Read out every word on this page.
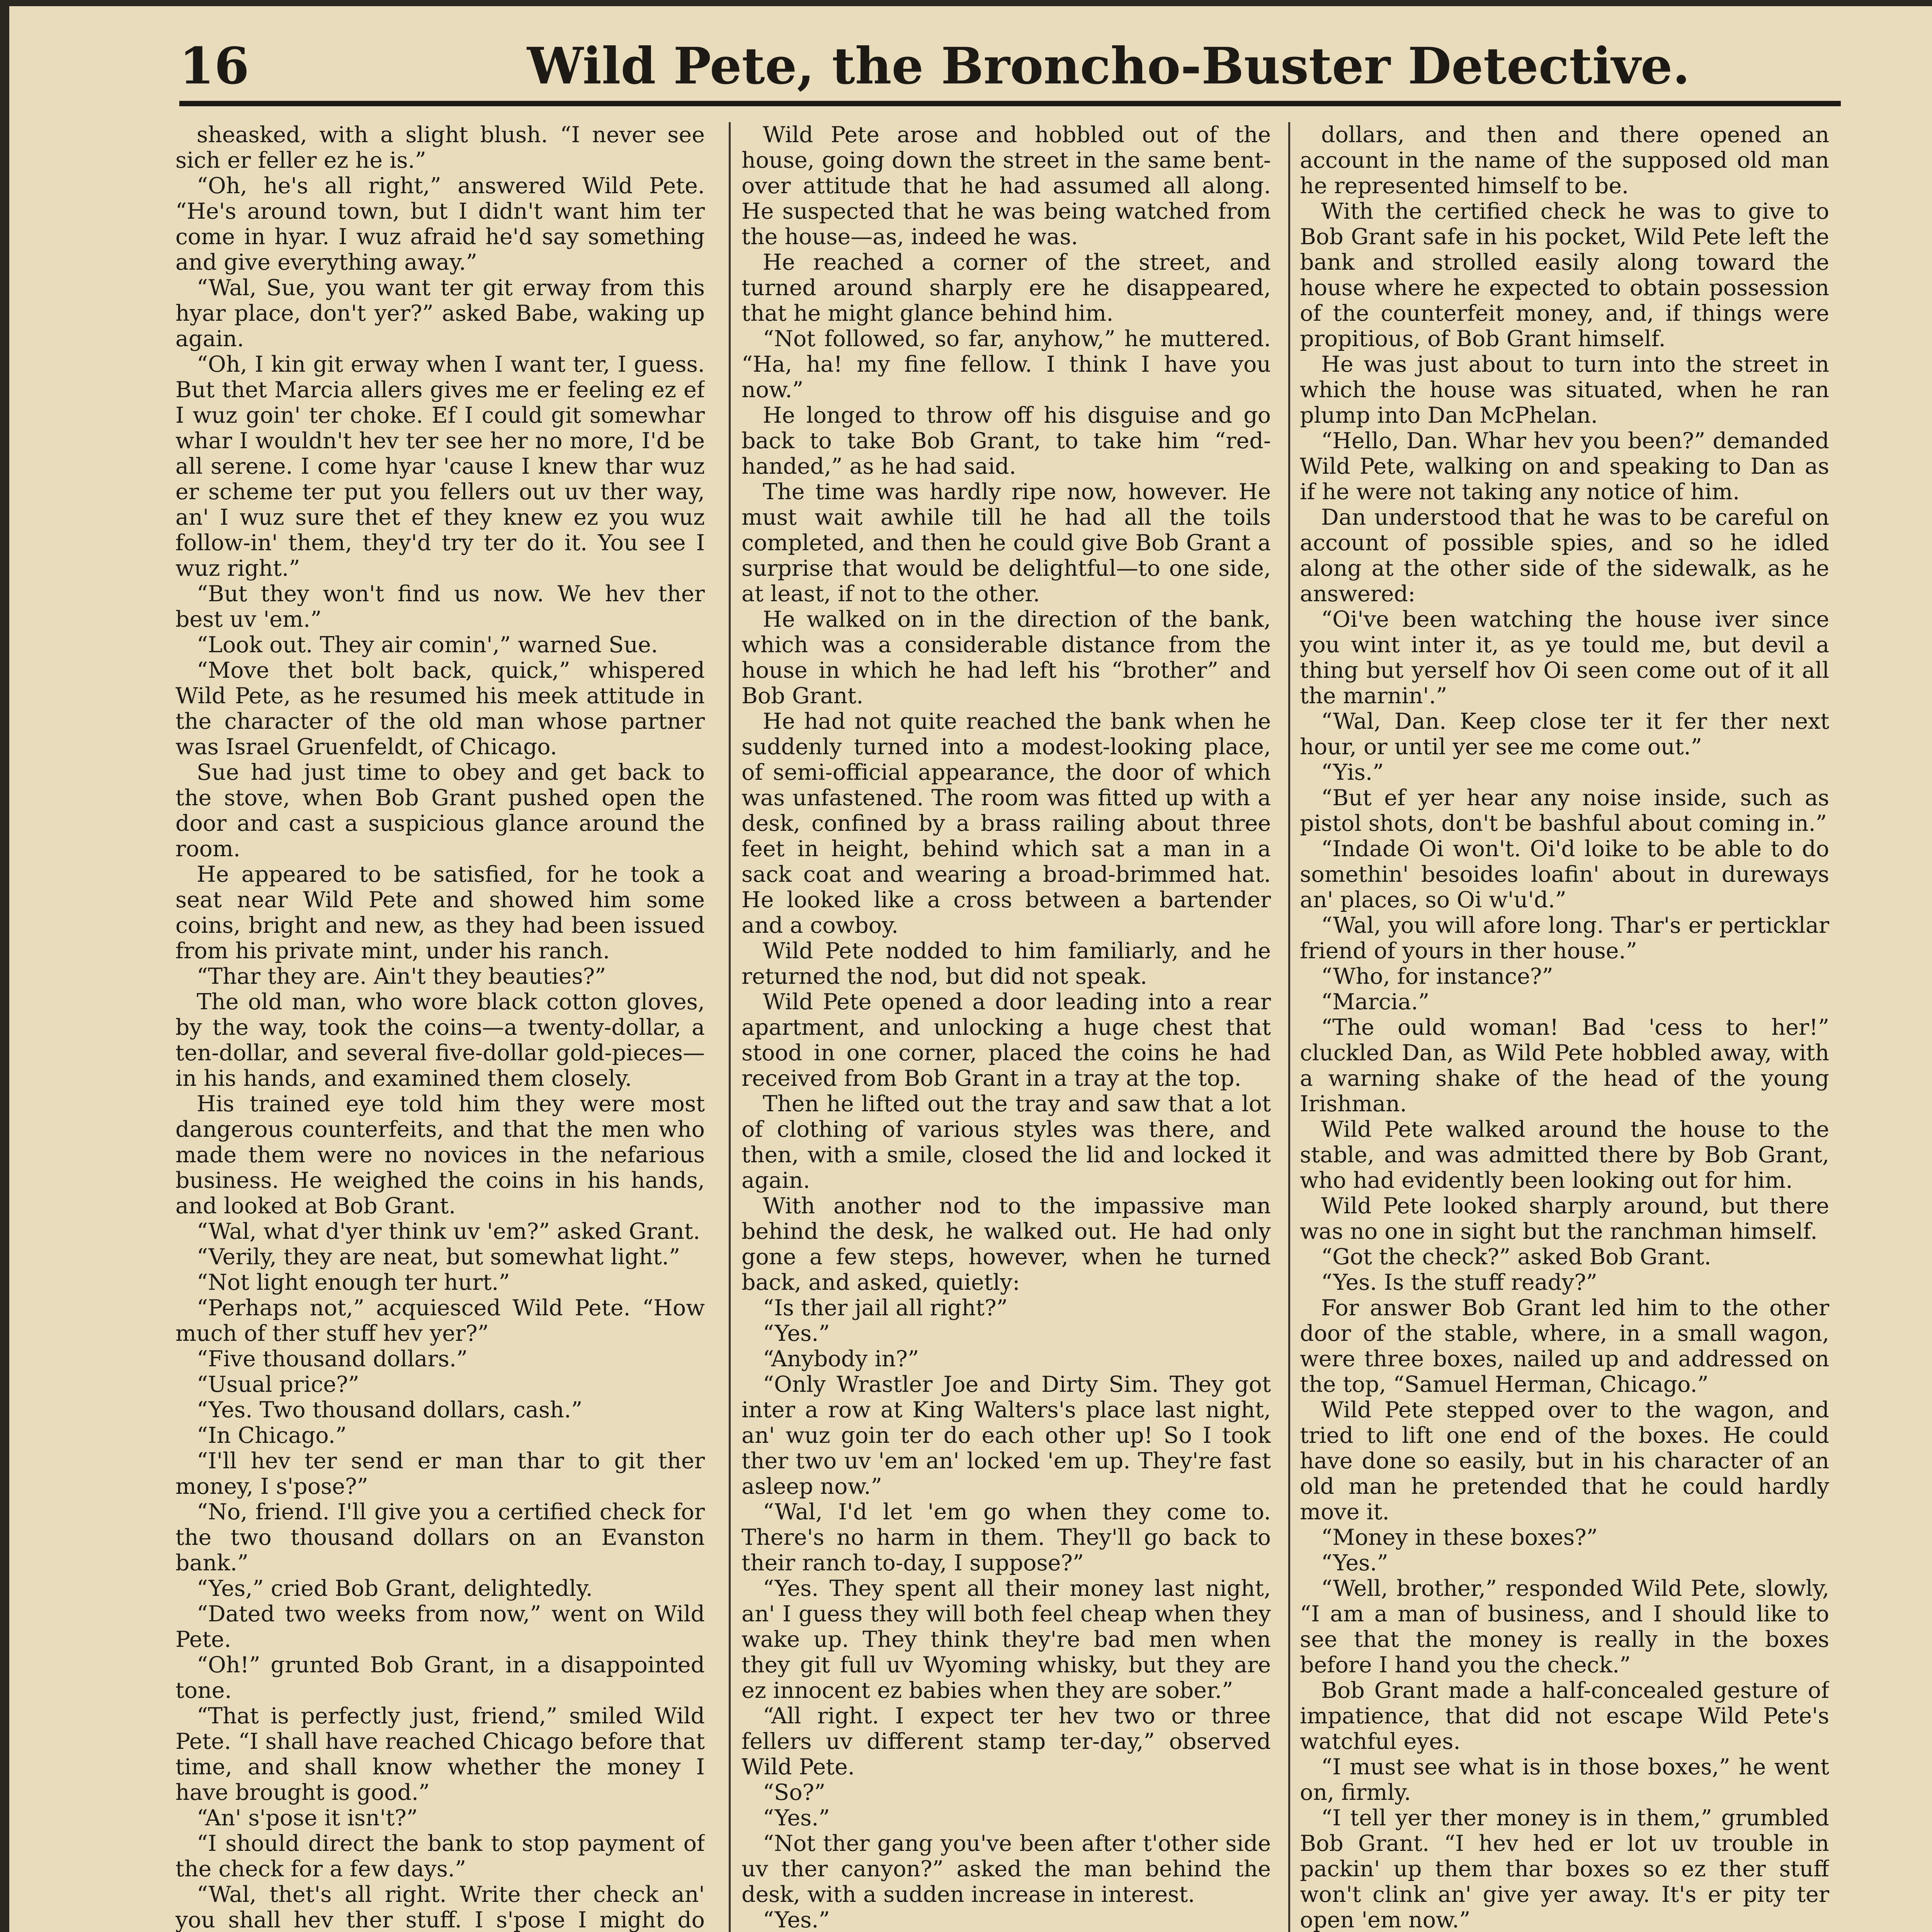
16	Wild Pete, the Broncho-Buster Detective.

sheasked, with a slight blush. “I never see sich er feller ez he is.”

“Oh, he's all right,” answered Wild Pete. “He's around town, but I didn't want him ter come in hyar. I wuz afraid he'd say something and give everything away.”

“Wal, Sue, you want ter git erway from this hyar place, don't yer?” asked Babe, waking up again.

“Oh, I kin git erway when I want ter, I guess. But thet Marcia allers gives me er feeling ez ef I wuz goin' ter choke. Ef I could git somewhar whar I wouldn't hev ter see her no more, I'd be all serene. I come hyar 'cause I knew thar wuz er scheme ter put you fellers out uv ther way, an' I wuz sure thet ef they knew ez you wuz follow-in' them, they'd try ter do it. You see I wuz right.”

“But they won't find us now. We hev ther best uv 'em.”

“Look out. They air comin',” warned Sue.

“Move thet bolt back, quick,” whispered Wild Pete, as he resumed his meek attitude in the character of the old man whose partner was Israel Gruenfeldt, of Chicago.

Sue had just time to obey and get back to the stove, when Bob Grant pushed open the door and cast a suspicious glance around the room.

He appeared to be satisfied, for he took a seat near Wild Pete and showed him some coins, bright and new, as they had been issued from his private mint, under his ranch.

“Thar they are. Ain't they beauties?”

The old man, who wore black cotton gloves, by the way, took the coins—a twenty-dollar, a ten-dollar, and several five-dollar gold-pieces—in his hands, and examined them closely.

His trained eye told him they were most dangerous counterfeits, and that the men who made them were no novices in the nefarious business. He weighed the coins in his hands, and looked at Bob Grant.

“Wal, what d'yer think uv 'em?” asked Grant.

“Verily, they are neat, but somewhat light.”

“Not light enough ter hurt.”

“Perhaps not,” acquiesced Wild Pete. “How much of ther stuff hev yer?”

“Five thousand dollars.”

“Usual price?”

“Yes. Two thousand dollars, cash.”

“In Chicago.”

“I'll hev ter send er man thar to git ther money, I s'pose?”

“No, friend. I'll give you a certified check for the two thousand dollars on an Evanston bank.”

“Yes,” cried Bob Grant, delightedly.

“Dated two weeks from now,” went on Wild Pete.

“Oh!” grunted Bob Grant, in a disappointed tone.

“That is perfectly just, friend,” smiled Wild Pete. “I shall have reached Chicago before that time, and shall know whether the money I have brought is good.”

“An' s'pose it isn't?”

“I should direct the bank to stop payment of the check for a few days.”

“Wal, thet's all right. Write ther check an' you shall hev ther stuff. I s'pose I might do

Wild Pete arose and hobbled out of the house, going down the street in the same bent-over attitude that he had assumed all along. He suspected that he was being watched from the house—as, indeed he was.

He reached a corner of the street, and turned around sharply ere he disappeared, that he might glance behind him.

“Not followed, so far, anyhow,” he muttered. “Ha, ha! my fine fellow. I think I have you now.”

He longed to throw off his disguise and go back to take Bob Grant, to take him “red-handed,” as he had said.

The time was hardly ripe now, however. He must wait awhile till he had all the toils completed, and then he could give Bob Grant a surprise that would be delightful—to one side, at least, if not to the other.

He walked on in the direction of the bank, which was a considerable distance from the house in which he had left his “brother” and Bob Grant.

He had not quite reached the bank when he suddenly turned into a modest-looking place, of semi-official appearance, the door of which was unfastened. The room was fitted up with a desk, confined by a brass railing about three feet in height, behind which sat a man in a sack coat and wearing a broad-brimmed hat. He looked like a cross between a bartender and a cowboy.

Wild Pete nodded to him familiarly, and he returned the nod, but did not speak.

Wild Pete opened a door leading into a rear apartment, and unlocking a huge chest that stood in one corner, placed the coins he had received from Bob Grant in a tray at the top.

Then he lifted out the tray and saw that a lot of clothing of various styles was there, and then, with a smile, closed the lid and locked it again.

With another nod to the impassive man behind the desk, he walked out. He had only gone a few steps, however, when he turned back, and asked, quietly:

“Is ther jail all right?”

“Yes.”

“Anybody in?”

“Only Wrastler Joe and Dirty Sim. They got inter a row at King Walters's place last night, an' wuz goin ter do each other up! So I took ther two uv 'em an' locked 'em up. They're fast asleep now.”

“Wal, I'd let 'em go when they come to. There's no harm in them. They'll go back to their ranch to-day, I suppose?”

“Yes. They spent all their money last night, an' I guess they will both feel cheap when they wake up. They think they're bad men when they git full uv Wyoming whisky, but they are ez innocent ez babies when they are sober.”

“All right. I expect ter hev two or three fellers uv different stamp ter-day,” observed Wild Pete.

“So?”

“Yes.”

“Not ther gang you've been after t'other side uv ther canyon?” asked the man behind the desk, with a sudden increase in interest.

“Yes.”

dollars, and then and there opened an account in the name of the supposed old man he represented himself to be.

With the certified check he was to give to Bob Grant safe in his pocket, Wild Pete left the bank and strolled easily along toward the house where he expected to obtain possession of the counterfeit money, and, if things were propitious, of Bob Grant himself.

He was just about to turn into the street in which the house was situated, when he ran plump into Dan McPhelan.

“Hello, Dan. Whar hev you been?” demanded Wild Pete, walking on and speaking to Dan as if he were not taking any notice of him.

Dan understood that he was to be careful on account of possible spies, and so he idled along at the other side of the sidewalk, as he answered:

“Oi've been watching the house iver since you wint inter it, as ye tould me, but devil a thing but yerself hov Oi seen come out of it all the marnin'.”

“Wal, Dan. Keep close ter it fer ther next hour, or until yer see me come out.”

“Yis.”

“But ef yer hear any noise inside, such as pistol shots, don't be bashful about coming in.”

“Indade Oi won't. Oi'd loike to be able to do somethin' besoides loafin' about in dureways an' places, so Oi w'u'd.”

“Wal, you will afore long. Thar's er perticklar friend of yours in ther house.”

“Who, for instance?”

“Marcia.”

“The ould woman! Bad 'cess to her!” cluckled Dan, as Wild Pete hobbled away, with a warning shake of the head of the young Irishman.

Wild Pete walked around the house to the stable, and was admitted there by Bob Grant, who had evidently been looking out for him.

Wild Pete looked sharply around, but there was no one in sight but the ranchman himself.

“Got the check?” asked Bob Grant.

“Yes. Is the stuff ready?”

For answer Bob Grant led him to the other door of the stable, where, in a small wagon, were three boxes, nailed up and addressed on the top, “Samuel Herman, Chicago.”

Wild Pete stepped over to the wagon, and tried to lift one end of the boxes. He could have done so easily, but in his character of an old man he pretended that he could hardly move it.

“Money in these boxes?”

“Yes.”

“Well, brother,” responded Wild Pete, slowly, “I am a man of business, and I should like to see that the money is really in the boxes before I hand you the check.”

Bob Grant made a half-concealed gesture of impatience, that did not escape Wild Pete's watchful eyes.

“I must see what is in those boxes,” he went on, firmly.

“I tell yer ther money is in them,” grumbled Bob Grant. “I hev hed er lot uv trouble in packin' up them thar boxes so ez ther stuff won't clink an' give yer away. It's er pity ter open 'em now.”
